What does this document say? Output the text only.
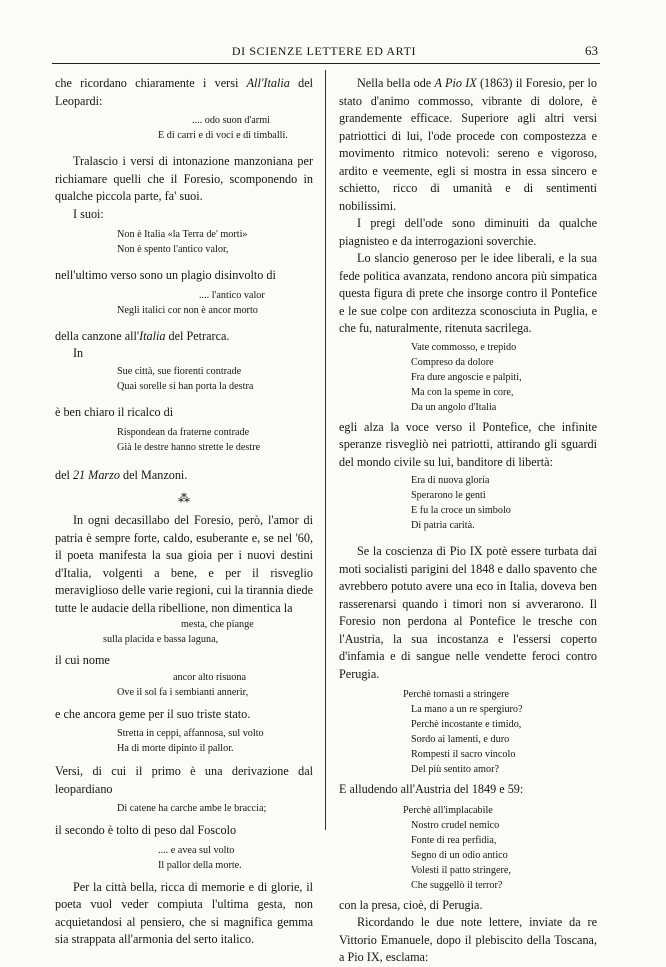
DI SCIENZE LETTERE ED ARTI	63

che ricordano chiaramente i versi All'Italia del Leopardi:

.... odo suon d'armi
E di carri e di voci e di timballi.

Tralascio i versi di intonazione manzoniana per richiamare quelli che il Foresio, scomponendo in qualche piccola parte, fa' suoi.

I suoi:

Non è Italia «la Terra de' morti»
Non è spento l'antico valor,

nell'ultimo verso sono un plagio disinvolto di

.... l'antico valor
Negli italici cor non è ancor morto

della canzone all'Italia del Petrarca.

In

Sue città, sue fiorenti contrade
Quai sorelle si han porta la destra

è ben chiaro il ricalco di

Rispondean da fraterne contrade
Già le destre hanno strette le destre

del 21 Marzo del Manzoni.

⁂

In ogni decasillabo del Foresio, però, l'amor di patria è sempre forte, caldo, esuberante e, se nel '60, il poeta manifesta la sua gioia per i nuovi destini d'Italia, volgenti a bene, e per il risveglio meraviglioso delle varie regioni, cui la tirannia diede tutte le audacie della ribellione, non dimentica la

mesta, che piange
sulla placida e bassa laguna,

il cui nome

ancor alto risuona
Ove il sol fa i sembianti annerir,

e che ancora geme per il suo triste stato.

Stretta in ceppi, affannosa, sul volto
Ha di morte dipinto il pallor.

Versi, di cui il primo è una derivazione dal leopardiano

Di catene ha carche ambe le braccia;

il secondo è tolto di peso dal Foscolo

.... e avea sul volto
Il pallor della morte.

Per la città bella, ricca di memorie e di glorie, il poeta vuol veder compiuta l'ultima gesta, non acquietandosi al pensiero, che si magnifica gemma sia strappata all'armonia del serto italico.

Nella bella ode A Pio IX (1863) il Foresio, per lo stato d'animo commosso, vibrante di dolore, è grandemente efficace. Superiore agli altri versi patriottici di lui, l'ode procede con compostezza e movimento ritmico notevoli: sereno e vigoroso, ardito e veemente, egli si mostra in essa sincero e schietto, ricco di umanità e di sentimenti nobilissimi.

I pregi dell'ode sono diminuiti da qualche piagnisteo e da interrogazioni soverchie.

Lo slancio generoso per le idee liberali, e la sua fede politica avanzata, rendono ancora più simpatica questa figura di prete che insorge contro il Pontefice e le sue colpe con arditezza sconosciuta in Puglia, e che fu, naturalmente, ritenuta sacrilega.

Vate commosso, e trepido
Compreso da dolore
Fra dure angoscie e palpiti,
Ma con la speme in core,
Da un angolo d'Italia

egli alza la voce verso il Pontefice, che infinite speranze risvegliò nei patriotti, attirando gli sguardi del mondo civile su lui, banditore di libertà:

Era di nuova gloria
Sperarono le genti
E fu la croce un simbolo
Di patria carità.

Se la coscienza di Pio IX potè essere turbata dai moti socialisti parigini del 1848 e dallo spavento che avrebbero potuto avere una eco in Italia, doveva ben rasserenarsi quando i timori non si avverarono. Il Foresio non perdona al Pontefice le tresche con l'Austria, la sua incostanza e l'essersi coperto d'infamia e di sangue nelle vendette feroci contro Perugia.

Perchè tornasti a stringere
La mano a un re spergiuro?
Perchè incostante e timido,
Sordo ai lamenti, e duro
Rompesti il sacro vincolo
Del più sentito amor?

E alludendo all'Austria del 1849 e 59:

Perchè all'implacabile
Nostro crudel nemico
Fonte di rea perfidia,
Segno di un odio antico
Volesti il patto stringere,
Che suggellò il terror?

con la presa, cioè, di Perugia.

Ricordando le due note lettere, inviate da re Vittorio Emanuele, dopo il plebiscito della Toscana, a Pio IX, esclama:
